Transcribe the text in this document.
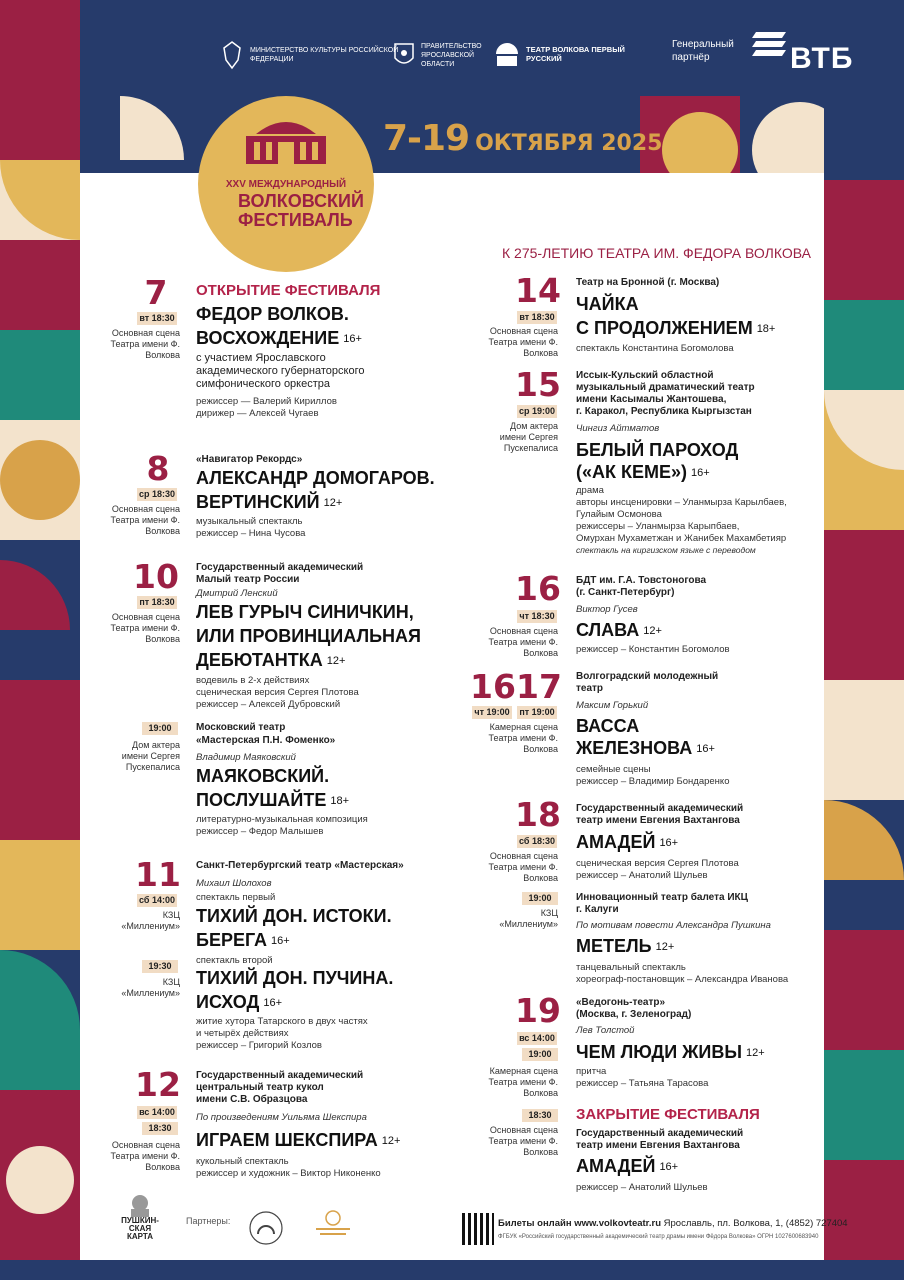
МИНИСТЕРСТВО КУЛЬТУРЫ РОССИЙСКОЙ ФЕДЕРАЦИИ
ПРАВИТЕЛЬСТВО ЯРОСЛАВСКОЙ ОБЛАСТИ
ТЕАТР ВОЛКОВА ПЕРВЫЙ РУССКИЙ
Генеральный партнёр	ВТБ
7-19 ОКТЯБРЯ 2025
XXV МЕЖДУНАРОДНЫЙ
ВОЛКОВСКИЙ ФЕСТИВАЛЬ
К 275-ЛЕТИЮ ТЕАТРА ИМ. ФЕДОРА ВОЛКОВА
7
вт 18:30
Основная сцена Театра имени Ф. Волкова
ОТКРЫТИЕ ФЕСТИВАЛЯ
ФЕДОР ВОЛКОВ.
ВОСХОЖДЕНИЕ 16+
с участием Ярославского
академического губернаторского
симфонического оркестра
режиссер — Валерий Кириллов
дирижер — Алексей Чугаев
8
ср 18:30
Основная сцена Театра имени Ф. Волкова
«Навигатор Рекордс»
АЛЕКСАНДР ДОМОГАРОВ.
ВЕРТИНСКИЙ 12+
музыкальный спектакль
режиссер – Нина Чусова
10
пт 18:30
Основная сцена Театра имени Ф. Волкова
Государственный академический
Малый театр России
Дмитрий Ленский
ЛЕВ ГУРЫЧ СИНИЧКИН,
ИЛИ ПРОВИНЦИАЛЬНАЯ
ДЕБЮТАНТКА 12+
водевиль в 2-х действиях
сценическая версия Сергея Плотова
режиссер – Алексей Дубровский
19:00
Дом актера имени Сергея Пускепалиса
Московский театр
«Мастерская П.Н. Фоменко»
Владимир Маяковский
МАЯКОВСКИЙ.
ПОСЛУШАЙТЕ 18+
литературно-музыкальная композиция
режиссер – Федор Малышев
11
сб 14:00
КЗЦ «Миллениум»
Санкт-Петербургский театр «Мастерская»
Михаил Шолохов
спектакль первый
ТИХИЙ ДОН. ИСТОКИ.
БЕРЕГА 16+
спектакль второй
19:30
КЗЦ «Миллениум»
ТИХИЙ ДОН. ПУЧИНА.
ИСХОД 16+
житие хутора Татарского в двух частях
и четырёх действиях
режиссер – Григорий Козлов
12
вс 14:00
18:30
Основная сцена Театра имени Ф. Волкова
Государственный академический
центральный театр кукол
имени С.В. Образцова
По произведениям Уильяма Шекспира
ИГРАЕМ ШЕКСПИРА 12+
кукольный спектакль
режиссер и художник – Виктор Никоненко
14
вт 18:30
Основная сцена Театра имени Ф. Волкова
Театр на Бронной (г. Москва)
ЧАЙКА
С ПРОДОЛЖЕНИЕМ 18+
спектакль Константина Богомолова
15
ср 19:00
Дом актера имени Сергея Пускепалиса
Иссык-Кульский областной
музыкальный драматический театр
имени Касымалы Жантошева,
г. Каракол, Республика Кыргызстан
Чингиз Айтматов
БЕЛЫЙ ПАРОХОД
(«АК КЕМЕ») 16+
драма
авторы инсценировки – Уланмырза Карылбаев,
Гулайым Осмонова
режиссеры – Уланмырза Карыпбаев,
Омурхан Мухаметжан и Жанибек Махамбетияр
спектакль на киргизском языке с переводом
16
чт 18:30
Основная сцена Театра имени Ф. Волкова
БДТ им. Г.А. Товстоногова
(г. Санкт-Петербург)
Виктор Гусев
СЛАВА 12+
режиссер – Константин Богомолов
16 17
чт 19:00 пт 19:00
Камерная сцена Театра имени Ф. Волкова
Волгоградский молодежный
театр
Максим Горький
ВАССА
ЖЕЛЕЗНОВА 16+
семейные сцены
режиссер – Владимир Бондаренко
18
сб 18:30
Основная сцена Театра имени Ф. Волкова
Государственный академический
театр имени Евгения Вахтангова
АМАДЕЙ 16+
сценическая версия Сергея Плотова
режиссер – Анатолий Шульев
19:00
КЗЦ «Миллениум»
Инновационный театр балета ИКЦ
г. Калуги
По мотивам повести Александра Пушкина
МЕТЕЛЬ 12+
танцевальный спектакль
хореограф-постановщик – Александра Иванова
19
вс 14:00
19:00
Камерная сцена Театра имени Ф. Волкова
«Ведогонь-театр»
(Москва, г. Зеленоград)
Лев Толстой
ЧЕМ ЛЮДИ ЖИВЫ 12+
притча
режиссер – Татьяна Тарасова
18:30
Основная сцена Театра имени Ф. Волкова
ЗАКРЫТИЕ ФЕСТИВАЛЯ
Государственный академический
театр имени Евгения Вахтангова
АМАДЕЙ 16+
режиссер – Анатолий Шульев
ПУШКИН-СКАЯ КАРТА
Партнеры:	Билеты онлайн www.volkovteatr.ru Ярославль, пл. Волкова, 1, (4852) 727404
ФГБУК «Российский государственный академический театр драмы имени Фёдора Волкова» ОГРН 1027600683940
